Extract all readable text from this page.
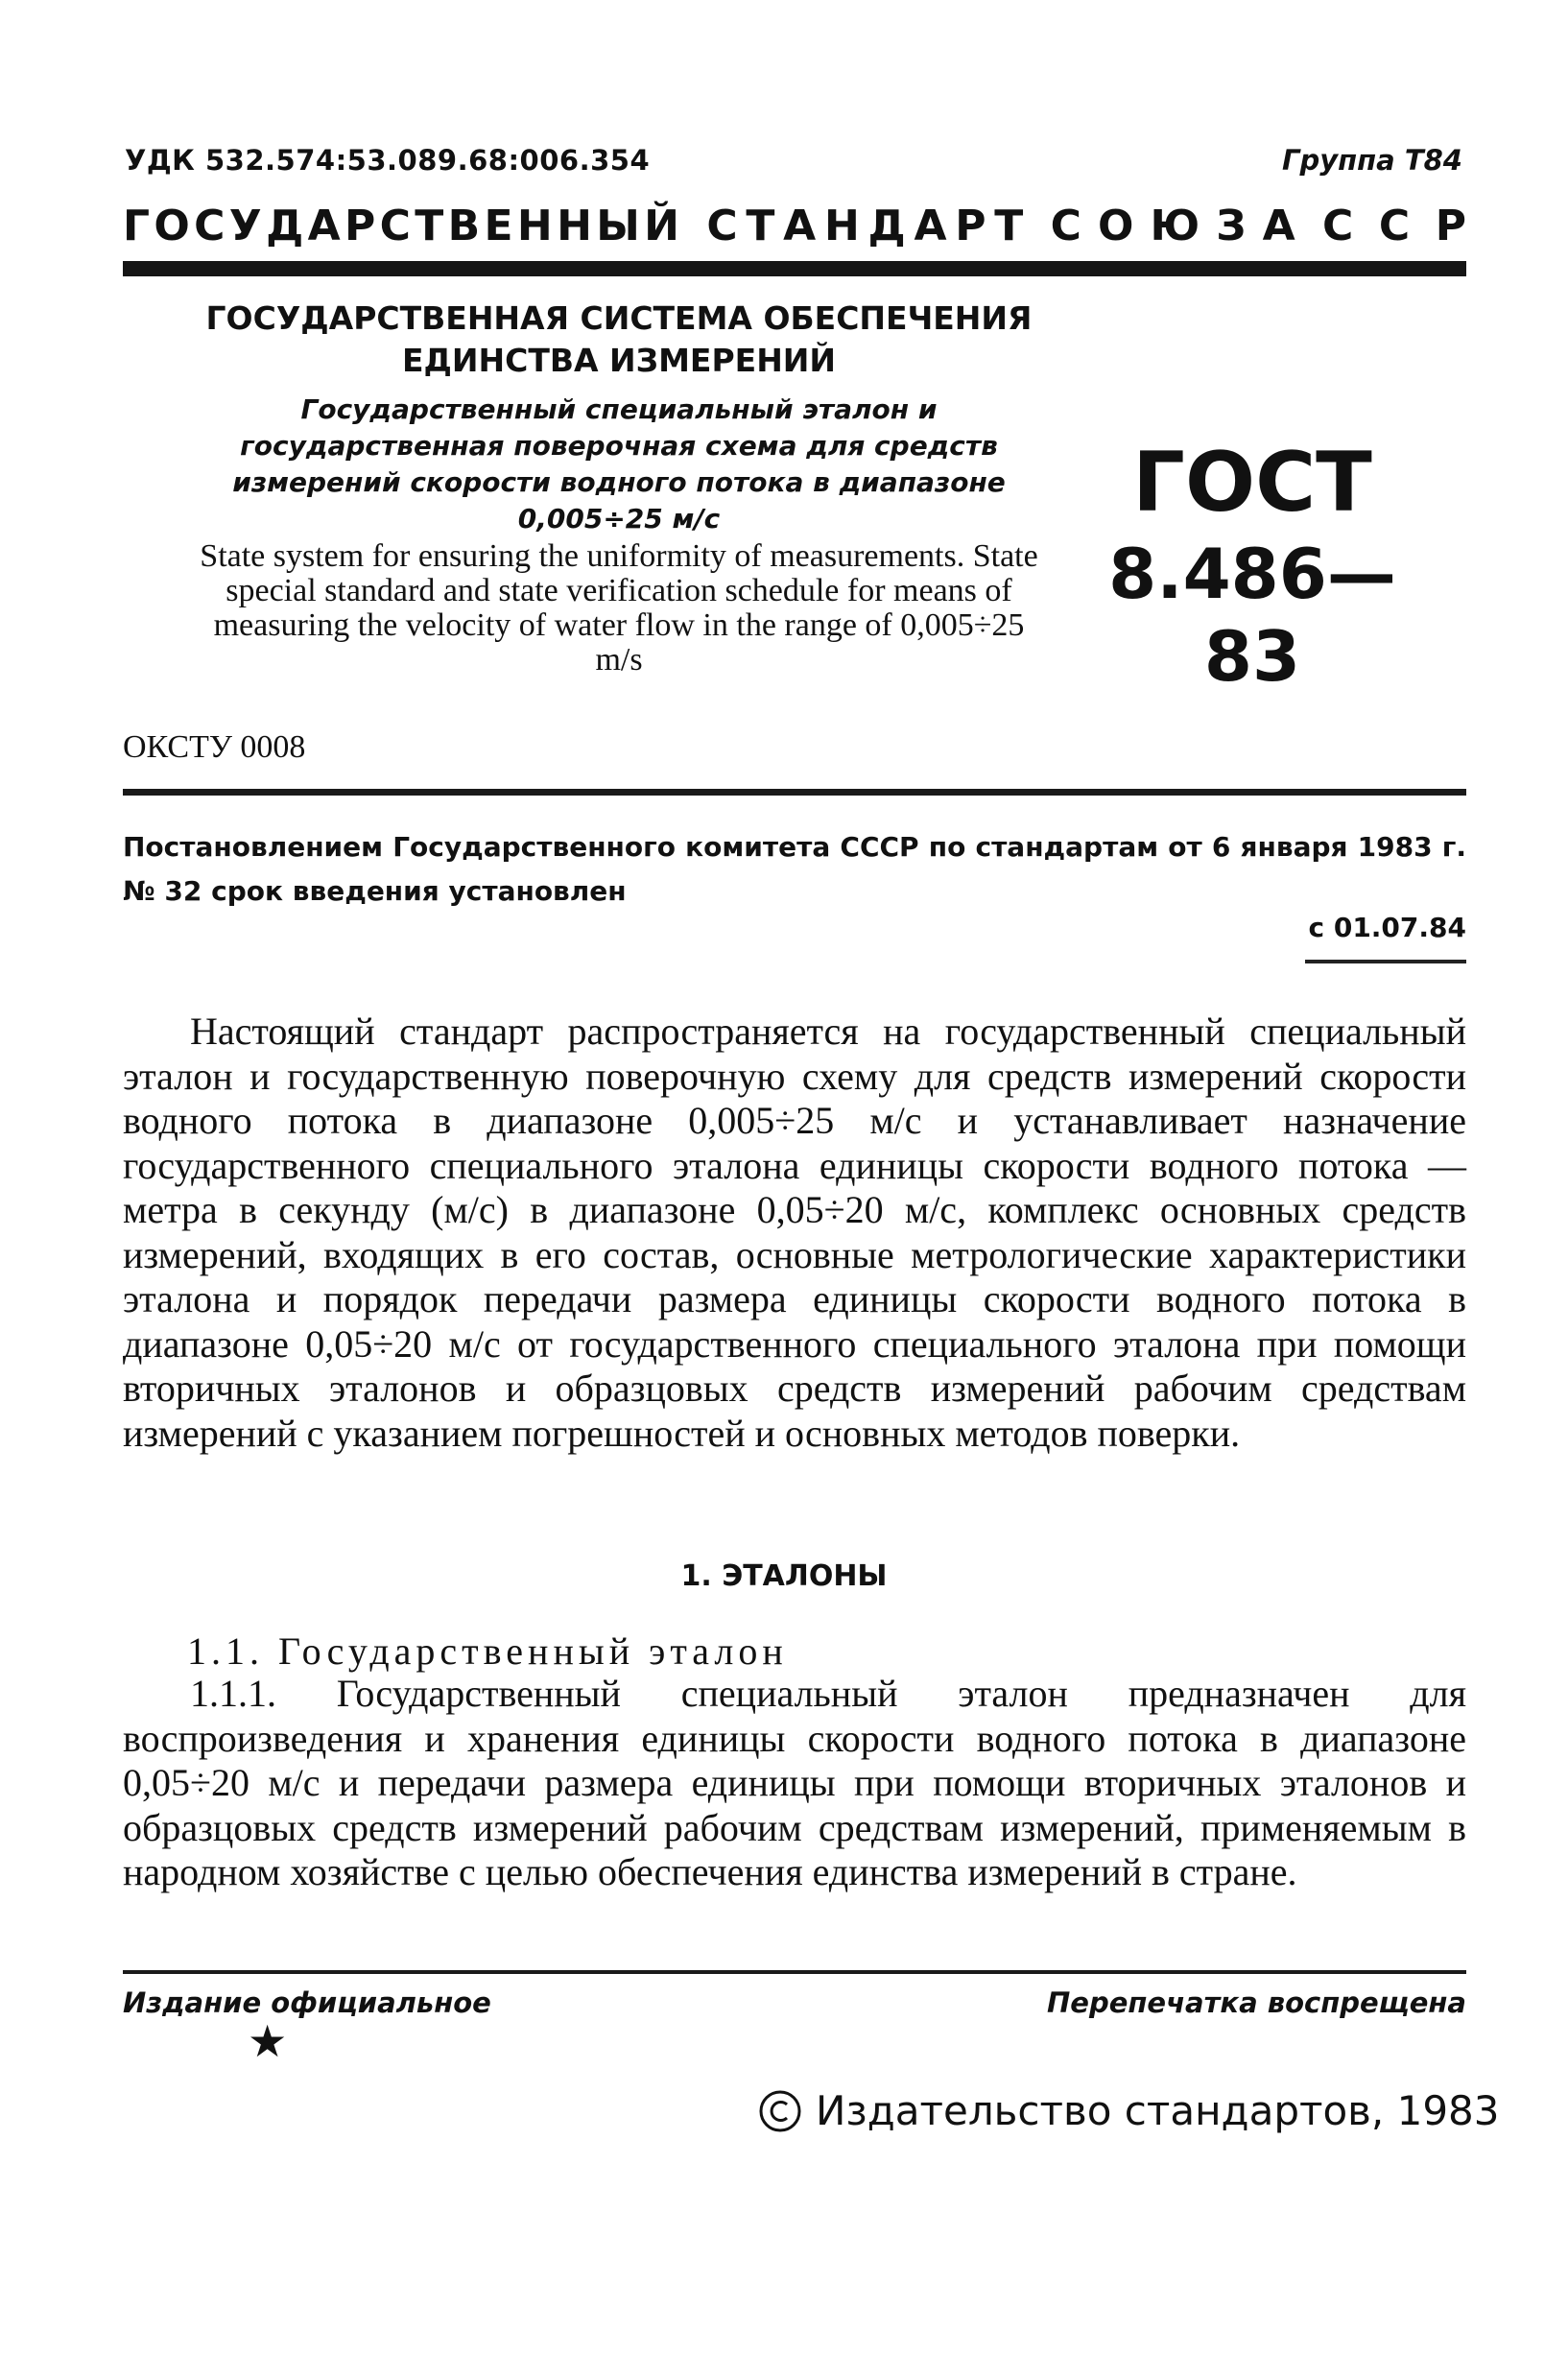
УДК 532.574:53.089.68:006.354	Группа Т84
Г О С У Д А Р С Т В Е Н Н Ы Й С Т А Н Д А Р Т С О Ю З А С С Р
ГОСУДАРСТВЕННАЯ СИСТЕМА ОБЕСПЕЧЕНИЯ ЕДИНСТВА ИЗМЕРЕНИЙ
Государственный специальный эталон и государственная поверочная схема для средств измерений скорости водного потока в диапазоне 0,005÷25 м/с
State system for ensuring the uniformity of measurements. State special standard and state verification schedule for means of measuring the velocity of water flow in the range of 0,005÷25 m/s
ОКСТУ 0008
ГОСТ
8.486—83
Постановлением Государственного комитета СССР по стандартам от 6 января 1983 г. № 32 срок введения установлен
с 01.07.84
Настоящий стандарт распространяется на государственный специальный эталон и государственную поверочную схему для средств измерений скорости водного потока в диапазоне 0,005÷25 м/с и устанавливает назначение государственного специального эталона единицы скорости водного потока — метра в секунду (м/с) в диапазоне 0,05÷20 м/с, комплекс основных средств измерений, входящих в его состав, основные метрологические характеристики эталона и порядок передачи размера единицы скорости водного потока в диапазоне 0,05÷20 м/с от государственного специального эталона при помощи вторичных эталонов и образцовых средств измерений рабочим средствам измерений с указанием погрешностей и основных методов поверки.
1. ЭТАЛОНЫ
1.1. Государственный эталон
1.1.1. Государственный специальный эталон предназначен для воспроизведения и хранения единицы скорости водного потока в диапазоне 0,05÷20 м/с и передачи размера единицы при помощи вторичных эталонов и образцовых средств измерений рабочим средствам измерений, применяемым в народном хозяйстве с целью обеспечения единства измерений в стране.
Издание официальное	Перепечатка воспрещена
★
Издательство стандартов, 1983
